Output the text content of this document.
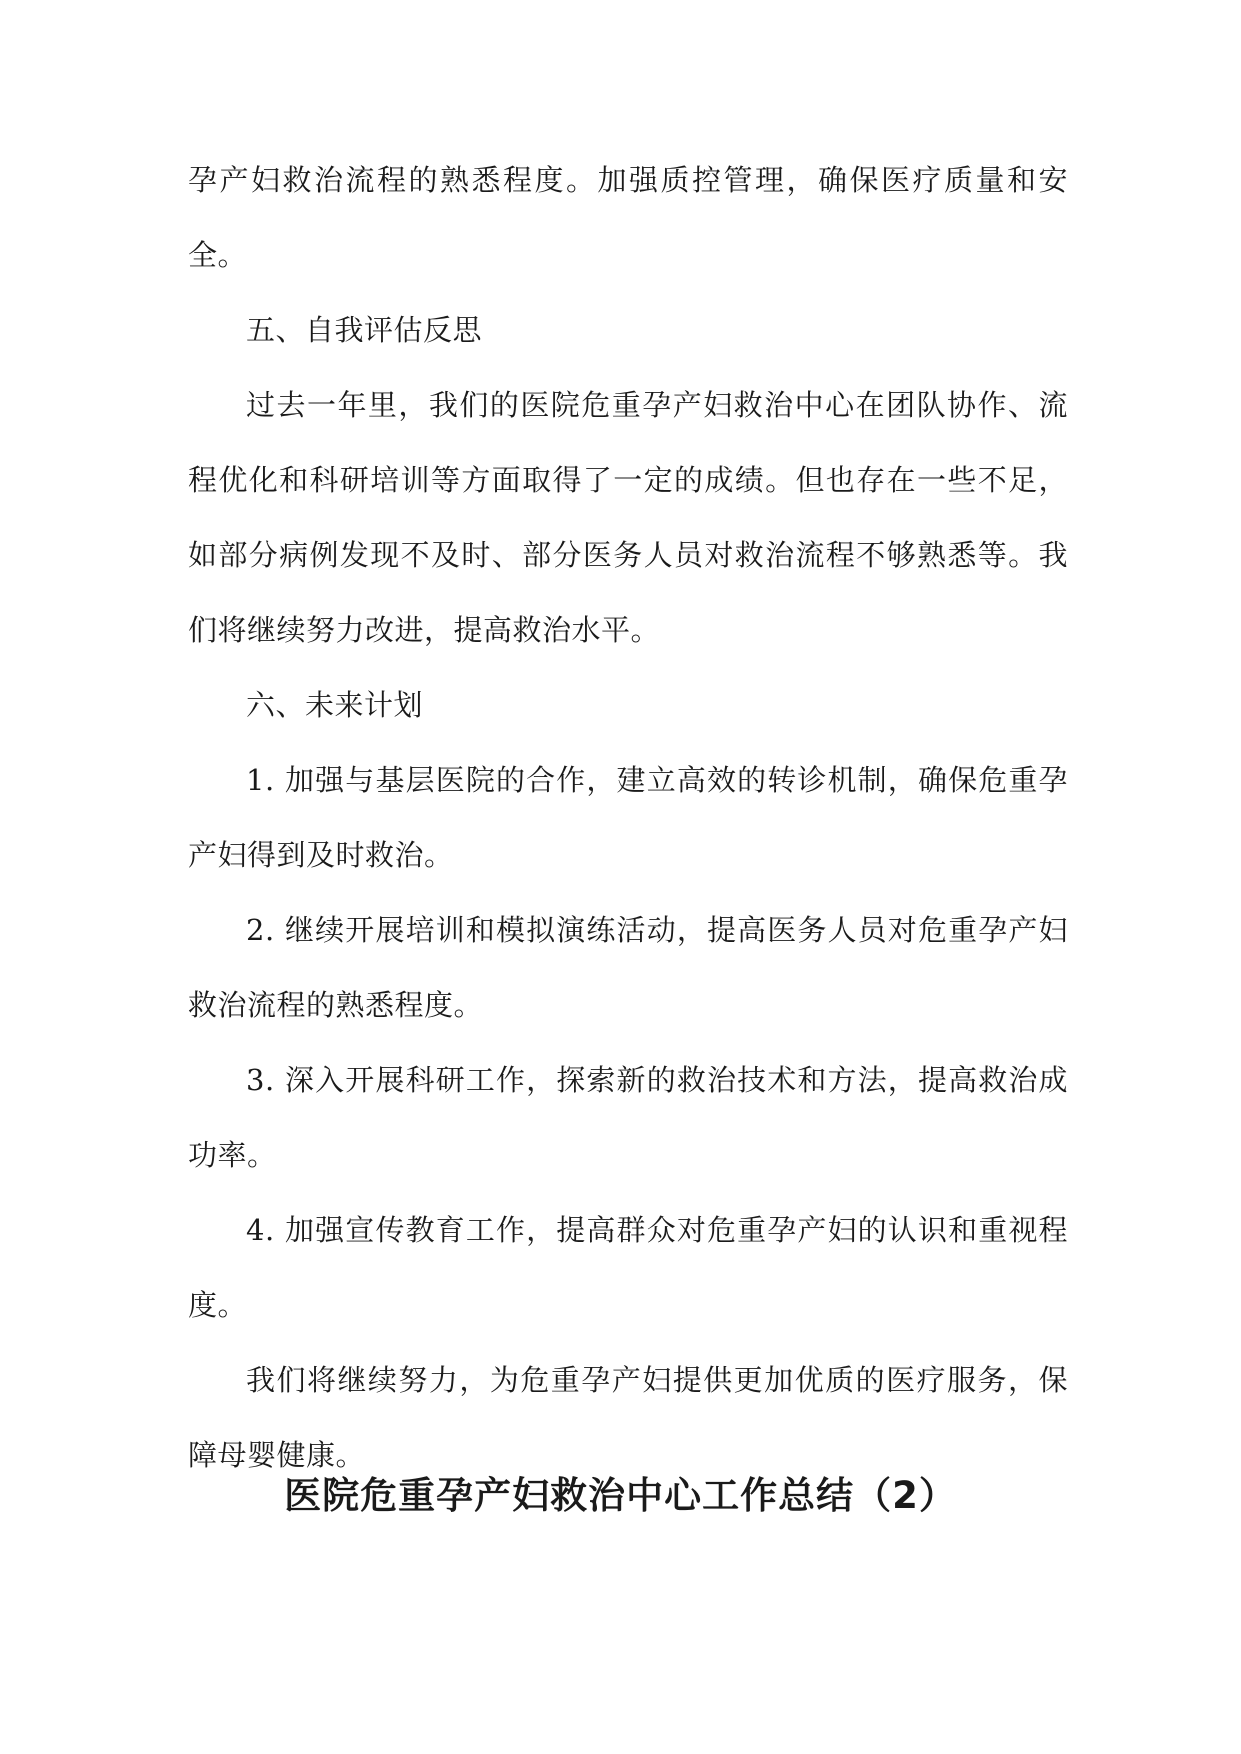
孕产妇救治流程的熟悉程度。加强质控管理，确保医疗质量和安全。

五、自我评估反思

过去一年里，我们的医院危重孕产妇救治中心在团队协作、流程优化和科研培训等方面取得了一定的成绩。但也存在一些不足，如部分病例发现不及时、部分医务人员对救治流程不够熟悉等。我们将继续努力改进，提高救治水平。

六、未来计划

1. 加强与基层医院的合作，建立高效的转诊机制，确保危重孕产妇得到及时救治。

2. 继续开展培训和模拟演练活动，提高医务人员对危重孕产妇救治流程的熟悉程度。

3. 深入开展科研工作，探索新的救治技术和方法，提高救治成功率。

4. 加强宣传教育工作，提高群众对危重孕产妇的认识和重视程度。

我们将继续努力，为危重孕产妇提供更加优质的医疗服务，保障母婴健康。

医院危重孕产妇救治中心工作总结（2）
